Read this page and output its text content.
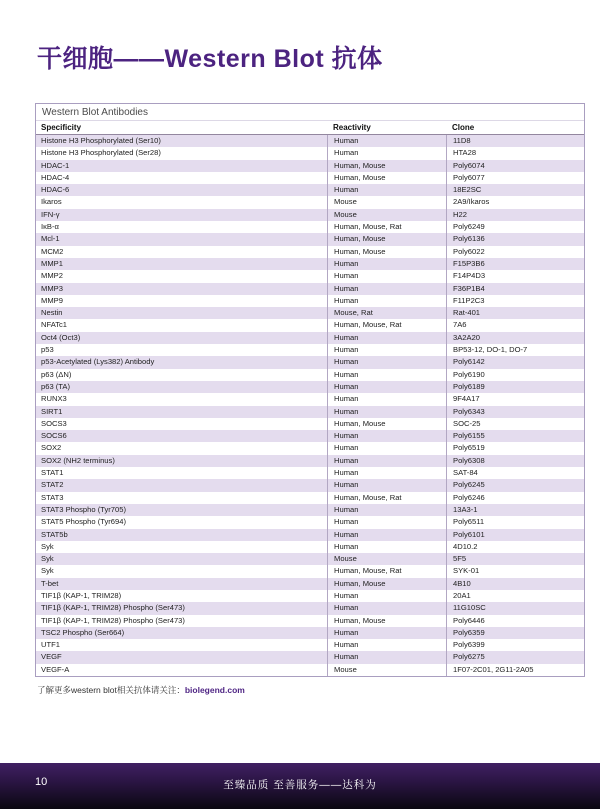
干细胞——Western Blot 抗体
Western Blot Antibodies
Specificity	Reactivity	Clone
Histone H3 Phosphorylated (Ser10)	Human	11D8
Histone H3 Phosphorylated (Ser28)	Human	HTA28
HDAC-1	Human, Mouse	Poly6074
HDAC-4	Human, Mouse	Poly6077
HDAC-6	Human	18E2SC
Ikaros	Mouse	2A9/Ikaros
IFN-γ	Mouse	H22
IκB-α	Human, Mouse, Rat	Poly6249
Mcl-1	Human, Mouse	Poly6136
MCM2	Human, Mouse	Poly6022
MMP1	Human	F15P3B6
MMP2	Human	F14P4D3
MMP3	Human	F36P1B4
MMP9	Human	F11P2C3
Nestin	Mouse, Rat	Rat-401
NFATc1	Human, Mouse, Rat	7A6
Oct4 (Oct3)	Human	3A2A20
p53	Human	BP53-12, DO-1, DO-7
p53-Acetylated (Lys382) Antibody	Human	Poly6142
p63 (ΔN)	Human	Poly6190
p63 (TA)	Human	Poly6189
RUNX3	Human	9F4A17
SIRT1	Human	Poly6343
SOCS3	Human, Mouse	SOC-25
SOCS6	Human	Poly6155
SOX2	Human	Poly6519
SOX2 (NH2 terminus)	Human	Poly6308
STAT1	Human	SAT-84
STAT2	Human	Poly6245
STAT3	Human, Mouse, Rat	Poly6246
STAT3 Phospho (Tyr705)	Human	13A3-1
STAT5 Phospho (Tyr694)	Human	Poly6511
STAT5b	Human	Poly6101
Syk	Human	4D10.2
Syk	Mouse	5F5
Syk	Human, Mouse, Rat	SYK-01
T-bet	Human, Mouse	4B10
TIF1β (KAP-1, TRIM28)	Human	20A1
TIF1β (KAP-1, TRIM28) Phospho (Ser473)	Human	11G10SC
TIF1β (KAP-1, TRIM28) Phospho (Ser473)	Human, Mouse	Poly6446
TSC2 Phospho (Ser664)	Human	Poly6359
UTF1	Human	Poly6399
VEGF	Human	Poly6275
VEGF-A	Mouse	1F07-2C01, 2G11-2A05

了解更多western blot相关抗体请关注：biolegend.com

10	至臻品质 至善服务——达科为
